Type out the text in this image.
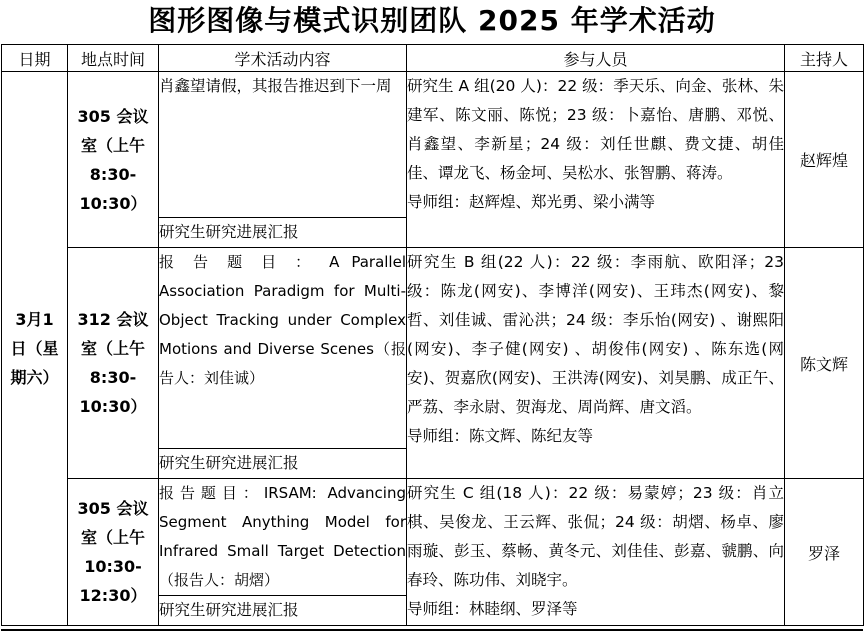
图形图像与模式识别团队 2025 年学术活动
日期	地点时间	学术活动内容	参与人员	主持人

3月1日（星期六）	305 会议室（上午 8:30-10:30）	肖鑫望请假，其报告推迟到下一周	研究生 A 组(20 人)：22 级：季天乐、向金、张林、朱建军、陈文丽、陈悦；23 级：卜嘉怡、唐鹏、邓悦、肖鑫望、李新星；24 级：刘任世麒、费文捷、胡佳佳、谭龙飞、杨金坷、吴松水、张智鹏、蒋涛。
导师组：赵辉煌、郑光勇、梁小满等	赵辉煌

		研究生研究进展汇报		

	312 会议室（上午 8:30-10:30）	报 告 题 目 ： A Parallel Association Paradigm for Multi-Object Tracking under Complex Motions and Diverse Scenes（报告人：刘佳诚）	研究生 B 组(22 人)：22 级：李雨航、欧阳泽；23 级：陈龙(网安)、李博洋(网安)、王玮杰(网安)、黎哲、刘佳诚、雷沁洪；24 级：李乐怡(网安) 、谢熙阳(网安)、李子健(网安) 、胡俊伟(网安) 、陈东选(网安)、贺嘉欣(网安)、王洪涛(网安)、刘昊鹏、成正午、严荔、李永尉、贺海龙、周尚辉、唐文滔。
导师组：陈文辉、陈纪友等	陈文辉

		研究生研究进展汇报		

	305 会议室（上午 10:30-12:30）	报告题目：IRSAM: Advancing Segment Anything Model for Infrared Small Target Detection（报告人：胡熠）	研究生 C 组(18 人)：22 级：易蒙婷；23 级：肖立棋、吴俊龙、王云辉、张侃；24 级：胡熠、杨卓、廖雨璇、彭玉、蔡畅、黄冬元、刘佳佳、彭嘉、虢鹏、向春玲、陈功伟、刘晓宇。
导师组：林睦纲、罗泽等	罗泽

		研究生研究进展汇报		
